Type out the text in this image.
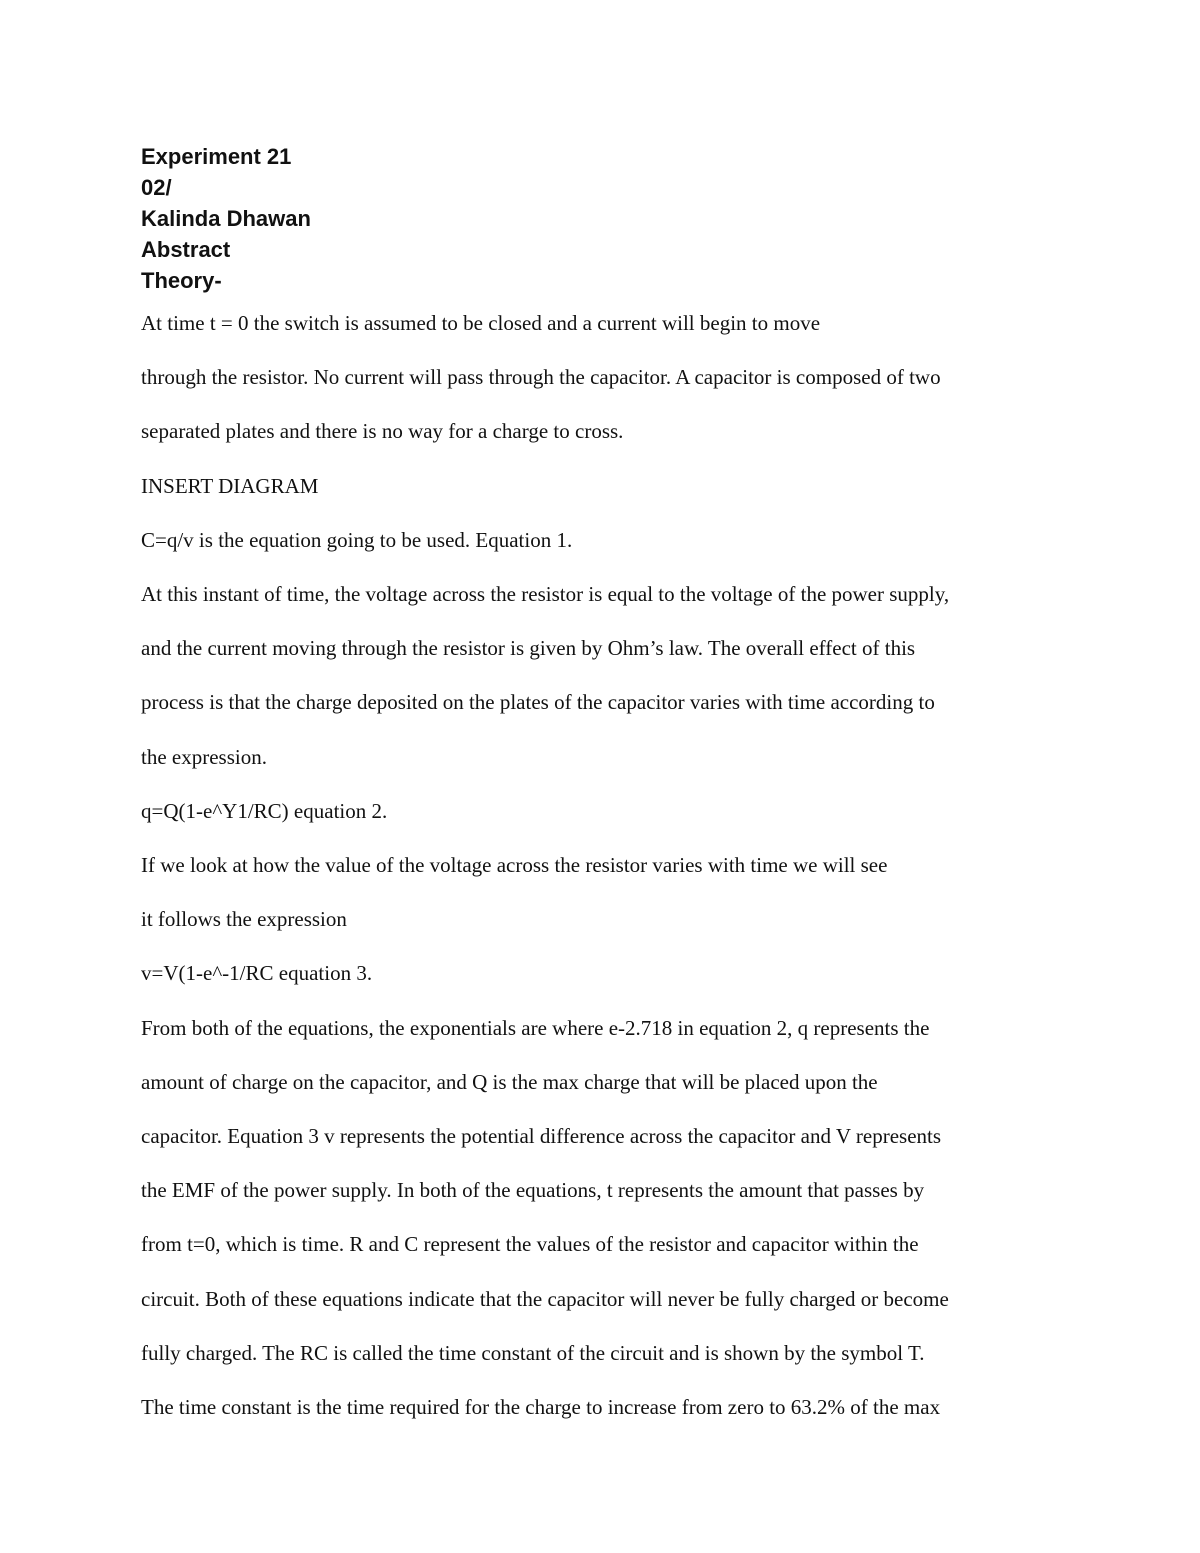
Experiment 21
02/
Kalinda Dhawan
Abstract
Theory-
At time t = 0 the switch is assumed to be closed and a current will begin to move
through the resistor. No current will pass through the capacitor. A capacitor is composed of two
separated plates and there is no way for a charge to cross.
INSERT DIAGRAM
C=q/v is the equation going to be used. Equation 1.
At this instant of time, the voltage across the resistor is equal to the voltage of the power supply,
and the current moving through the resistor is given by Ohm’s law. The overall effect of this
process is that the charge deposited on the plates of the capacitor varies with time according to
the expression.
q=Q(1-e^Y1/RC) equation 2.
If we look at how the value of the voltage across the resistor varies with time we will see
it follows the expression
v=V(1-e^-1/RC equation 3.
From both of the equations, the exponentials are where e-2.718 in equation 2, q represents the
amount of charge on the capacitor, and Q is the max charge that will be placed upon the
capacitor. Equation 3 v represents the potential difference across the capacitor and V represents
the EMF of the power supply. In both of the equations, t represents the amount that passes by
from t=0, which is time. R and C represent the values of the resistor and capacitor within the
circuit. Both of these equations indicate that the capacitor will never be fully charged or become
fully charged. The RC is called the time constant of the circuit and is shown by the symbol T.
The time constant is the time required for the charge to increase from zero to 63.2% of the max
